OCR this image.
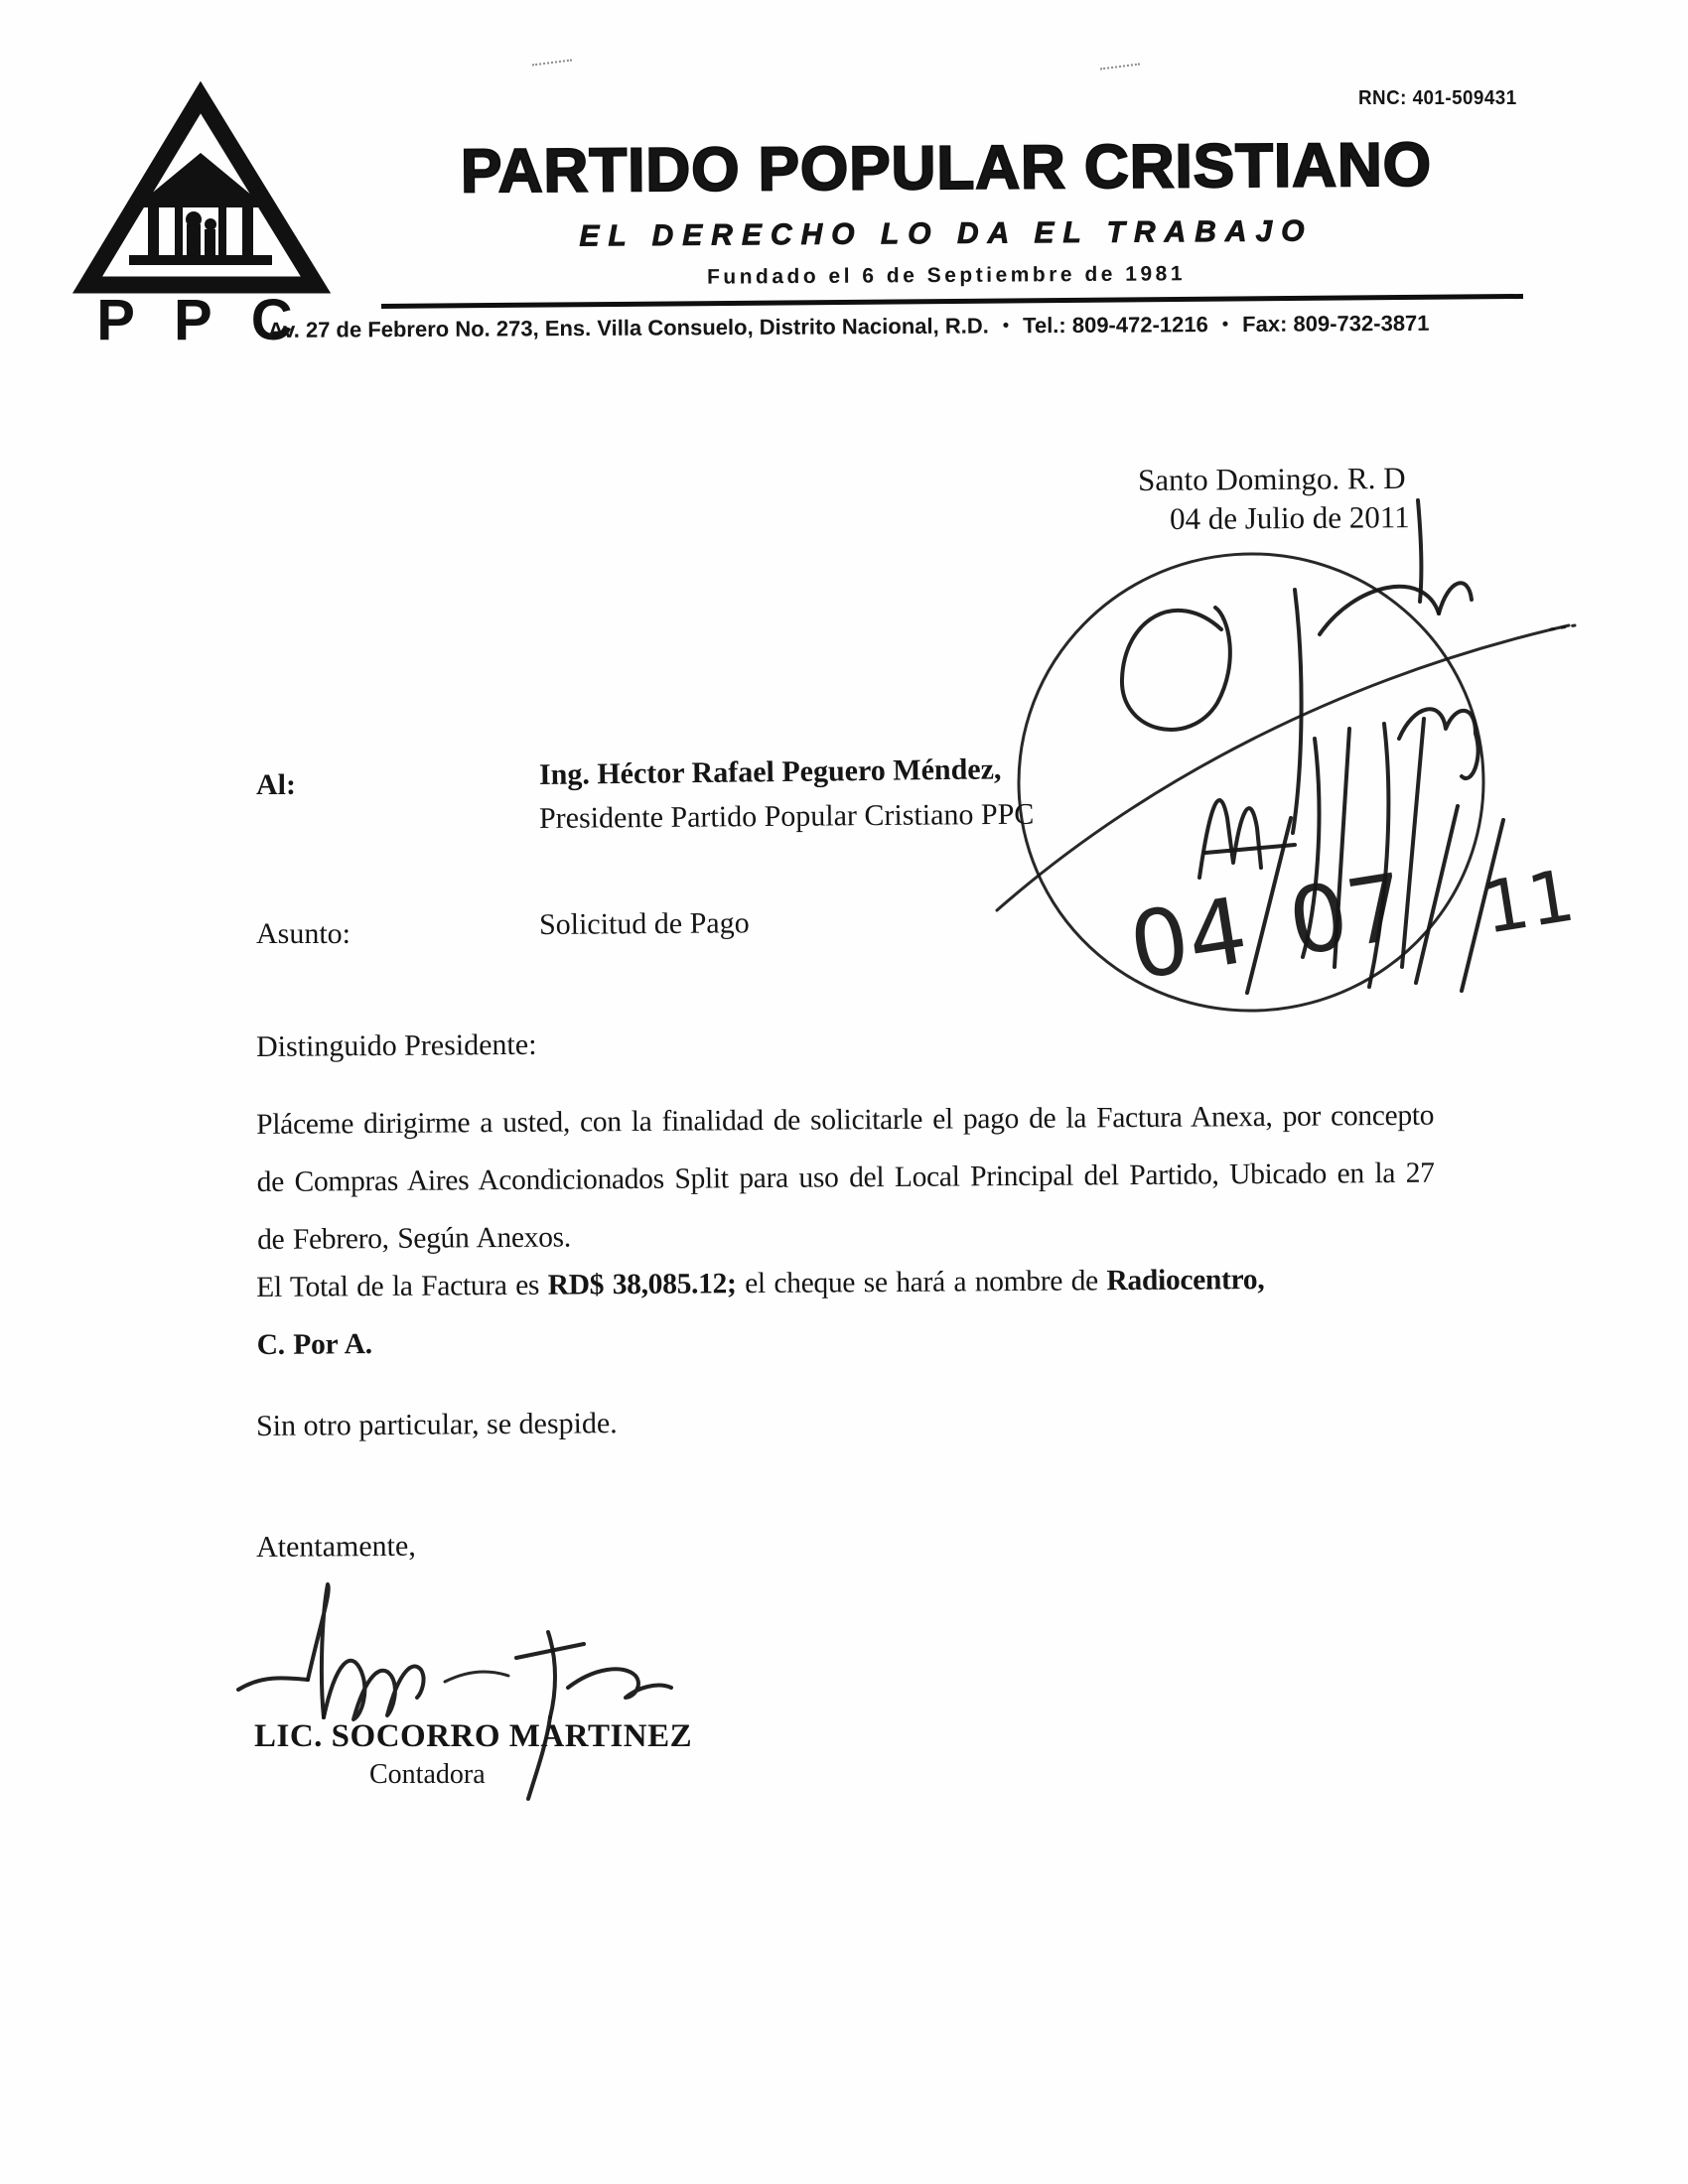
RNC: 401-509431
P P C
PARTIDO POPULAR CRISTIANO
EL DERECHO LO DA EL TRABAJO
Fundado el 6 de Septiembre de 1981
Av. 27 de Febrero No. 273, Ens. Villa Consuelo, Distrito Nacional, R.D. • Tel.: 809-472-1216 • Fax: 809-732-3871
Santo Domingo. R. D
04 de Julio de 2011
04 07 11
Al:	Ing. Héctor Rafael Peguero Méndez,
Presidente Partido Popular Cristiano PPC
Asunto:	Solicitud de Pago
Distinguido Presidente:

Pláceme dirigirme a usted, con la finalidad de solicitarle el pago de la Factura Anexa, por concepto de Compras Aires Acondicionados Split para uso del Local Principal del Partido, Ubicado en la 27 de Febrero, Según Anexos.

El Total de la Factura es RD$ 38,085.12; el cheque se hará a nombre de Radiocentro,
C. Por A.

Sin otro particular, se despide.
Atentamente,
LIC. SOCORRO MARTINEZ
Contadora
